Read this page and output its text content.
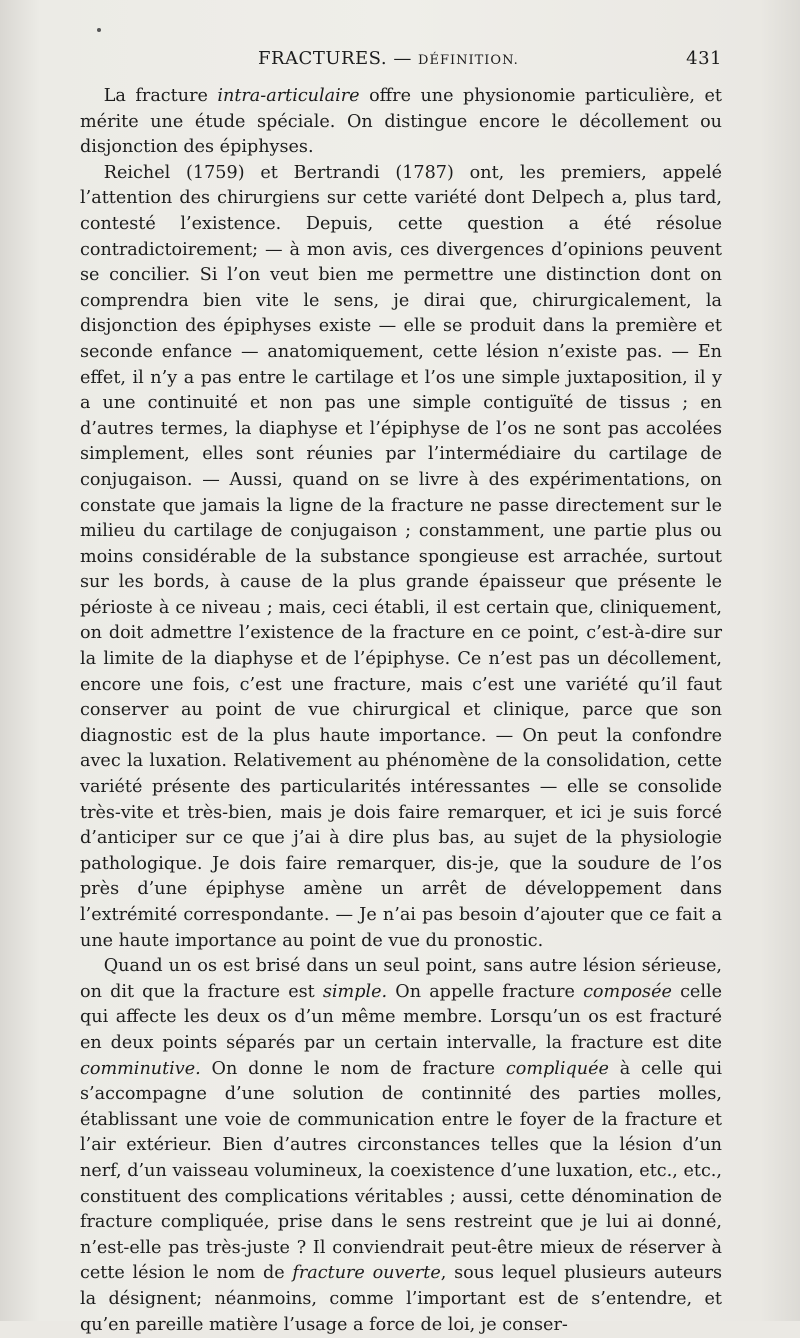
FRACTURES. — DÉFINITION.	431

La fracture intra-articulaire offre une physionomie particulière, et mérite une étude spéciale. On distingue encore le décollement ou disjonction des épiphyses.

Reichel (1759) et Bertrandi (1787) ont, les premiers, appelé l’attention des chirurgiens sur cette variété dont Delpech a, plus tard, contesté l’existence. Depuis, cette question a été résolue contradictoirement; — à mon avis, ces divergences d’opinions peuvent se concilier. Si l’on veut bien me permettre une distinction dont on comprendra bien vite le sens, je dirai que, chirurgicalement, la disjonction des épiphyses existe — elle se produit dans la première et seconde enfance — anatomiquement, cette lésion n’existe pas. — En effet, il n’y a pas entre le cartilage et l’os une simple juxtaposition, il y a une continuité et non pas une simple contiguïté de tissus ; en d’autres termes, la diaphyse et l’épiphyse de l’os ne sont pas accolées simplement, elles sont réunies par l’intermédiaire du cartilage de conjugaison. — Aussi, quand on se livre à des expérimentations, on constate que jamais la ligne de la fracture ne passe directement sur le milieu du cartilage de conjugaison ; constamment, une partie plus ou moins considérable de la substance spongieuse est arrachée, surtout sur les bords, à cause de la plus grande épaisseur que présente le périoste à ce niveau ; mais, ceci établi, il est certain que, cliniquement, on doit admettre l’existence de la fracture en ce point, c’est-à-dire sur la limite de la diaphyse et de l’épiphyse. Ce n’est pas un décollement, encore une fois, c’est une fracture, mais c’est une variété qu’il faut conserver au point de vue chirurgical et clinique, parce que son diagnostic est de la plus haute importance. — On peut la confondre avec la luxation. Relativement au phénomène de la consolidation, cette variété présente des particularités intéressantes — elle se consolide très-vite et très-bien, mais je dois faire remarquer, et ici je suis forcé d’anticiper sur ce que j’ai à dire plus bas, au sujet de la physiologie pathologique. Je dois faire remarquer, dis-je, que la soudure de l’os près d’une épiphyse amène un arrêt de développement dans l’extrémité correspondante. — Je n’ai pas besoin d’ajouter que ce fait a une haute importance au point de vue du pronostic.

Quand un os est brisé dans un seul point, sans autre lésion sérieuse, on dit que la fracture est simple. On appelle fracture composée celle qui affecte les deux os d’un même membre. Lorsqu’un os est fracturé en deux points séparés par un certain intervalle, la fracture est dite comminutive. On donne le nom de fracture compliquée à celle qui s’accompagne d’une solution de continnité des parties molles, établissant une voie de communication entre le foyer de la fracture et l’air extérieur. Bien d’autres circonstances telles que la lésion d’un nerf, d’un vaisseau volumineux, la coexistence d’une luxation, etc., etc., constituent des complications véritables ; aussi, cette dénomination de fracture compliquée, prise dans le sens restreint que je lui ai donné, n’est-elle pas très-juste ? Il conviendrait peut-être mieux de réserver à cette lésion le nom de fracture ouverte, sous lequel plusieurs auteurs la désignent; néanmoins, comme l’important est de s’entendre, et qu’en pareille matière l’usage a force de loi, je conser-
